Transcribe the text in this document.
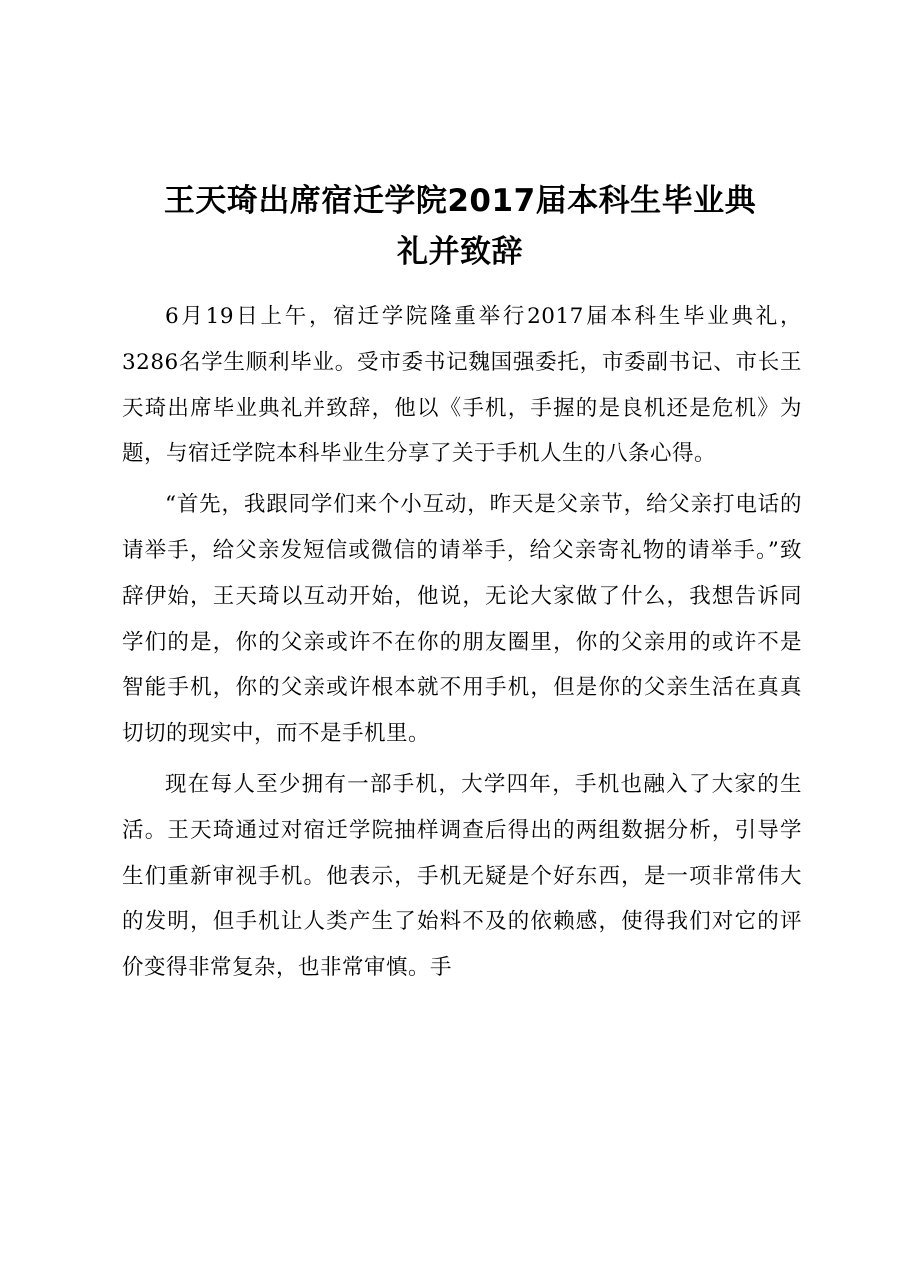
王天琦出席宿迁学院2017届本科生毕业典
礼并致辞

6月19日上午，宿迁学院隆重举行2017届本科生毕业典礼，3286名学生顺利毕业。受市委书记魏国强委托，市委副书记、市长王天琦出席毕业典礼并致辞，他以《手机，手握的是良机还是危机》为题，与宿迁学院本科毕业生分享了关于手机人生的八条心得。

“首先，我跟同学们来个小互动，昨天是父亲节，给父亲打电话的请举手，给父亲发短信或微信的请举手，给父亲寄礼物的请举手。”致辞伊始，王天琦以互动开始，他说，无论大家做了什么，我想告诉同学们的是，你的父亲或许不在你的朋友圈里，你的父亲用的或许不是智能手机，你的父亲或许根本就不用手机，但是你的父亲生活在真真切切的现实中，而不是手机里。

现在每人至少拥有一部手机，大学四年，手机也融入了大家的生活。王天琦通过对宿迁学院抽样调查后得出的两组数据分析，引导学生们重新审视手机。他表示，手机无疑是个好东西，是一项非常伟大的发明，但手机让人类产生了始料不及的依赖感，使得我们对它的评价变得非常复杂，也非常审慎。手
